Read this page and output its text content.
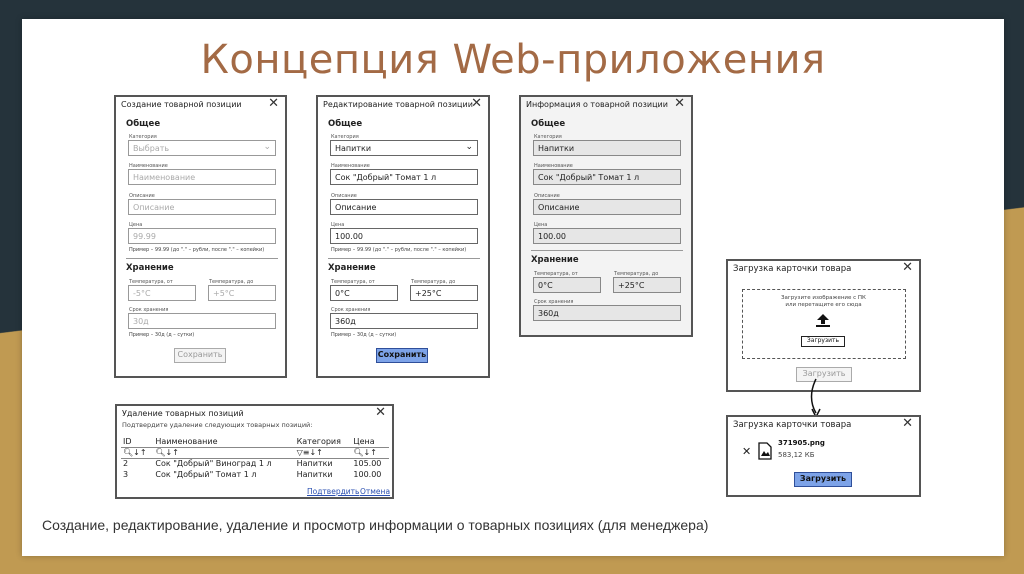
Концепция Web-приложения
Создание товарной позиции ✕
Общее
Категория
Выбрать	⌄
Наименование
Наименование
Описание
Описание
Цена
99.99
Пример – 99.99 (до "." – рубли, после "." – копейки)
Хранение
Температура, от
-5°C
Температура, до
+5°C
Срок хранения
30д
Пример – 30д (д – сутки)
Сохранить
Редактирование товарной позиции
✕
Общее
Категория
Напитки	⌄
Наименование
Сок "Добрый" Томат 1 л
Описание
Описание
Цена
100.00
Пример – 99.99 (до "." – рубли, после "." – копейки)
Хранение
Температура, от
0°C
Температура, до
+25°C
Срок хранения
360д
Пример – 30д (д – сутки)
Сохранить
Информация о товарной позиции ✕
Общее
Категория
Напитки
Наименование
Сок "Добрый" Томат 1 л
Описание
Описание
Цена
100.00
Хранение
Температура, от
0°C
Температура, до
+25°C
Срок хранения
360д
Удаление товарных позиций	✕
Подтвердите удаление следующих товарных позиций:
ID	Наименование	Категория	Цена
🔍︎↓↑	🔍︎↓↑	▽≡↓↑	🔍︎↓↑
2	Сок "Добрый" Виноград 1 л	Напитки	105.00
3	Сок "Добрый" Томат 1 л	Напитки	100.00
Подтвердить Отмена
Загрузка карточки товара	✕
Загрузите изображение с ПК
или перетащите его сюда
Загрузить
Загрузить
Загрузка карточки товара	✕
✕
371905.png
583,12 КБ
Загрузить
Создание, редактирование, удаление и просмотр информации о товарных позициях (для менеджера)
